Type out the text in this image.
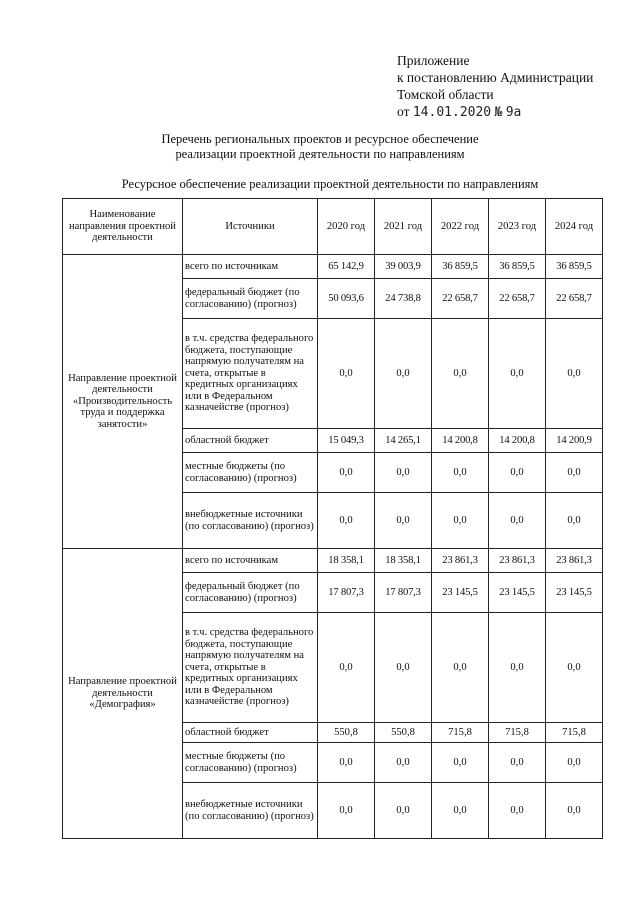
Приложение
к постановлению Администрации
Томской области
от 14.01.2020 № 9а
Перечень региональных проектов и ресурсное обеспечение
реализации проектной деятельности по направлениям
Ресурсное обеспечение реализации проектной деятельности по направлениям
Наименование направления проектной деятельности	Источники	2020 год	2021 год	2022 год	2023 год	2024 год
Направление проектной деятельности «Производительность труда и поддержка занятости»	всего по источникам	65 142,9	39 003,9	36 859,5	36 859,5	36 859,5
	федеральный бюджет (по согласованию) (прогноз)	50 093,6	24 738,8	22 658,7	22 658,7	22 658,7
	в т.ч. средства федерального бюджета, поступающие напрямую получателям на счета, открытые в кредитных организациях или в Федеральном казначействе (прогноз)	0,0	0,0	0,0	0,0	0,0
	областной бюджет	15 049,3	14 265,1	14 200,8	14 200,8	14 200,9
	местные бюджеты (по согласованию) (прогноз)	0,0	0,0	0,0	0,0	0,0
	внебюджетные источники (по согласованию) (прогноз)	0,0	0,0	0,0	0,0	0,0
Направление проектной деятельности «Демография»	всего по источникам	18 358,1	18 358,1	23 861,3	23 861,3	23 861,3
	федеральный бюджет (по согласованию) (прогноз)	17 807,3	17 807,3	23 145,5	23 145,5	23 145,5
	в т.ч. средства федерального бюджета, поступающие напрямую получателям на счета, открытые в кредитных организациях или в Федеральном казначействе (прогноз)	0,0	0,0	0,0	0,0	0,0
	областной бюджет	550,8	550,8	715,8	715,8	715,8
	местные бюджеты (по согласованию) (прогноз)	0,0	0,0	0,0	0,0	0,0
	внебюджетные источники (по согласованию) (прогноз)	0,0	0,0	0,0	0,0	0,0
